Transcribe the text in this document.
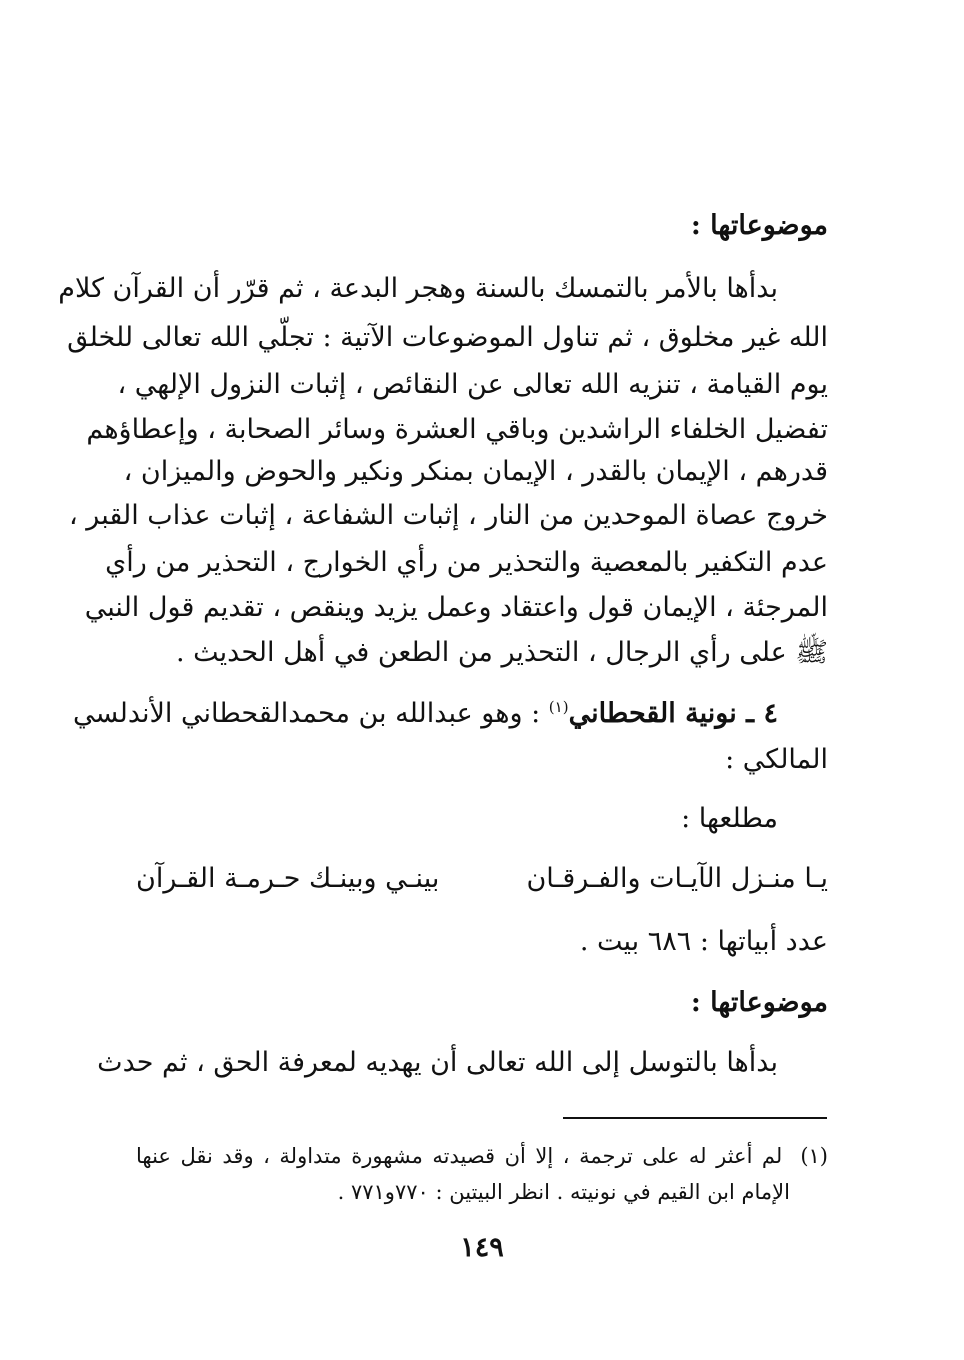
موضوعاتها :
بدأها بالأمر بالتمسك بالسنة وهجر البدعة ، ثم قرّر أن القرآن كلام
الله غير مخلوق ، ثم تناول الموضوعات الآتية : تجلّي الله تعالى للخلق
يوم القيامة ، تنزيه الله تعالى عن النقائص ، إثبات النزول الإلهي ،
تفضيل الخلفاء الراشدين وباقي العشرة وسائر الصحابة ، وإعطاؤهم
قدرهم ، الإيمان بالقدر ، الإيمان بمنكر ونكير والحوض والميزان ،
خروج عصاة الموحدين من النار ، إثبات الشفاعة ، إثبات عذاب القبر ،
عدم التكفير بالمعصية والتحذير من رأي الخوارج ، التحذير من رأي
المرجئة ، الإيمان قول واعتقاد وعمل يزيد وينقص ، تقديم قول النبي
ﷺ على رأي الرجال ، التحذير من الطعن في أهل الحديث .
٤ ـ نونية القحطاني$^{(١)}$ : وهو عبدالله بن محمدالقحطاني الأندلسي
المالكي :
مطلعها :
يـا منـزل الآيـات والفـرقـان
بينـي وبينـك حـرمـة القـرآن
عدد أبياتها : ٦٨٦ بيت .
موضوعاتها :
بدأها بالتوسل إلى الله تعالى أن يهديه لمعرفة الحق ، ثم حدث
(١)لم أعثر له على ترجمة ، إلا أن قصيدته مشهورة متداولة ، وقد نقل عنها
الإمام ابن القيم في نونيته . انظر البيتين : ٧٧٠و٧٧١ .
١٤٩
